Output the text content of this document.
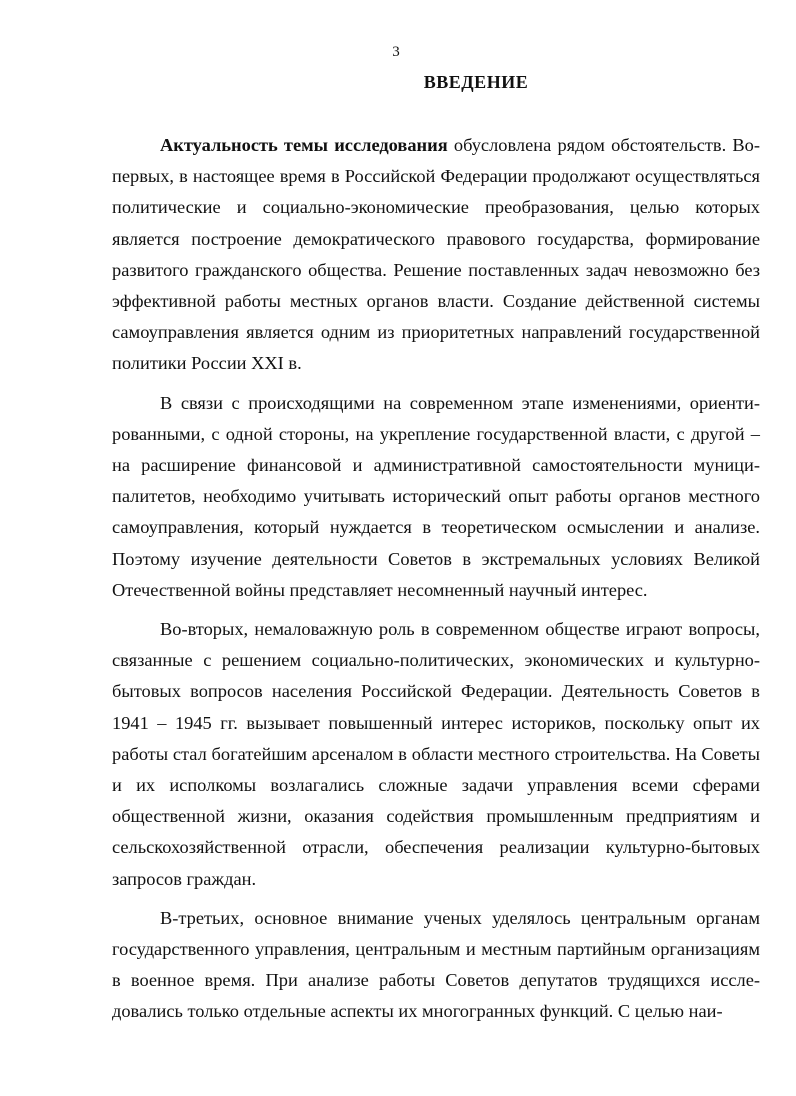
3
ВВЕДЕНИЕ

Актуальность темы исследования обусловлена рядом обстоятельств. Во-первых, в настоящее время в Российской Федерации продолжают осуществляться политические и социально-экономические преобразования, целью которых является построение демократического правового государства, формирование развитого гражданского общества. Решение поставленных задач невозможно без эффективной работы местных органов власти. Создание действенной системы самоуправления является одним из приоритетных направлений государственной политики России XXI в.

В связи с происходящими на современном этапе изменениями, ориентированными, с одной стороны, на укрепление государственной власти, с другой – на расширение финансовой и административной самостоятельности муниципалитетов, необходимо учитывать исторический опыт работы органов местного самоуправления, который нуждается в теоретическом осмыслении и анализе. Поэтому изучение деятельности Советов в экстремальных условиях Великой Отечественной войны представляет несомненный научный интерес.

Во-вторых, немаловажную роль в современном обществе играют вопросы, связанные с решением социально-политических, экономических и культурно-бытовых вопросов населения Российской Федерации. Деятельность Советов в 1941 – 1945 гг. вызывает повышенный интерес историков, поскольку опыт их работы стал богатейшим арсеналом в области местного строительства. На Советы и их исполкомы возлагались сложные задачи управления всеми сферами общественной жизни, оказания содействия промышленным предприятиям и сельскохозяйственной отрасли, обеспечения реализации культурно-бытовых запросов граждан.

В-третьих, основное внимание ученых уделялось центральным органам государственного управления, центральным и местным партийным организациям в военное время. При анализе работы Советов депутатов трудящихся исследовались только отдельные аспекты их многогранных функций. С целью наи-
